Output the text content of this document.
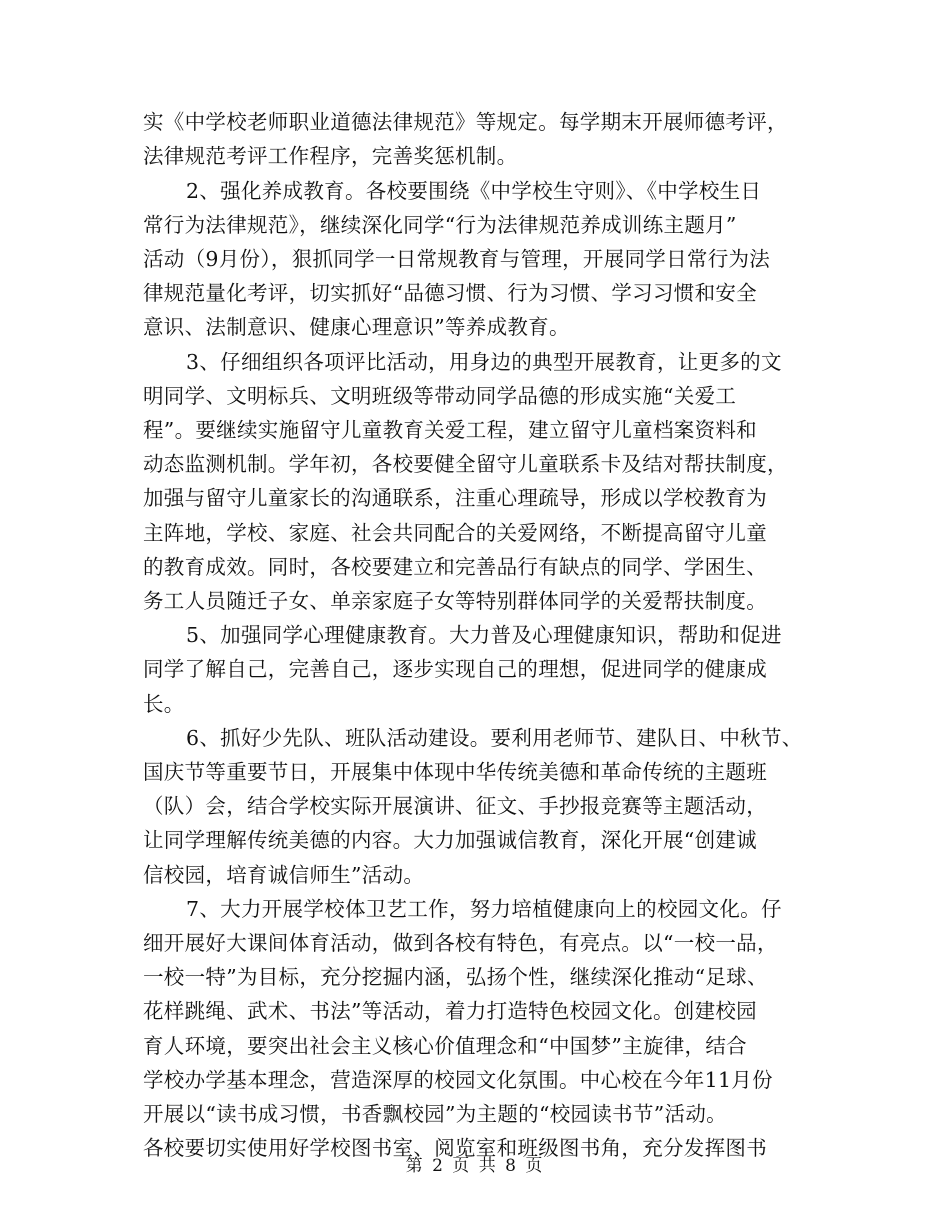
实《中学校老师职业道德法律规范》等规定。每学期末开展师德考评，
法律规范考评工作程序，完善奖惩机制。
2、强化养成教育。各校要围绕《中学校生守则》、《中学校生日
常行为法律规范》，继续深化同学“行为法律规范养成训练主题月”
活动（9月份），狠抓同学一日常规教育与管理，开展同学日常行为法
律规范量化考评，切实抓好“品德习惯、行为习惯、学习习惯和安全
意识、法制意识、健康心理意识”等养成教育。
3、仔细组织各项评比活动，用身边的典型开展教育，让更多的文
明同学、文明标兵、文明班级等带动同学品德的形成实施“关爱工
程”。要继续实施留守儿童教育关爱工程，建立留守儿童档案资料和
动态监测机制。学年初，各校要健全留守儿童联系卡及结对帮扶制度，
加强与留守儿童家长的沟通联系，注重心理疏导，形成以学校教育为
主阵地，学校、家庭、社会共同配合的关爱网络，不断提高留守儿童
的教育成效。同时，各校要建立和完善品行有缺点的同学、学困生、
务工人员随迁子女、单亲家庭子女等特别群体同学的关爱帮扶制度。
5、加强同学心理健康教育。大力普及心理健康知识，帮助和促进
同学了解自己，完善自己，逐步实现自己的理想，促进同学的健康成
长。
6、抓好少先队、班队活动建设。要利用老师节、建队日、中秋节、
国庆节等重要节日，开展集中体现中华传统美德和革命传统的主题班
（队）会，结合学校实际开展演讲、征文、手抄报竞赛等主题活动，
让同学理解传统美德的内容。大力加强诚信教育，深化开展“创建诚
信校园，培育诚信师生”活动。
7、大力开展学校体卫艺工作，努力培植健康向上的校园文化。仔
细开展好大课间体育活动，做到各校有特色，有亮点。以“一校一品，
一校一特”为目标，充分挖掘内涵，弘扬个性，继续深化推动“足球、
花样跳绳、武术、书法”等活动，着力打造特色校园文化。创建校园
育人环境，要突出社会主义核心价值理念和“中国梦”主旋律，结合
学校办学基本理念，营造深厚的校园文化氛围。中心校在今年11月份
开展以“读书成习惯，书香飘校园”为主题的“校园读书节”活动。
各校要切实使用好学校图书室、阅览室和班级图书角，充分发挥图书
第 2 页 共 8 页
